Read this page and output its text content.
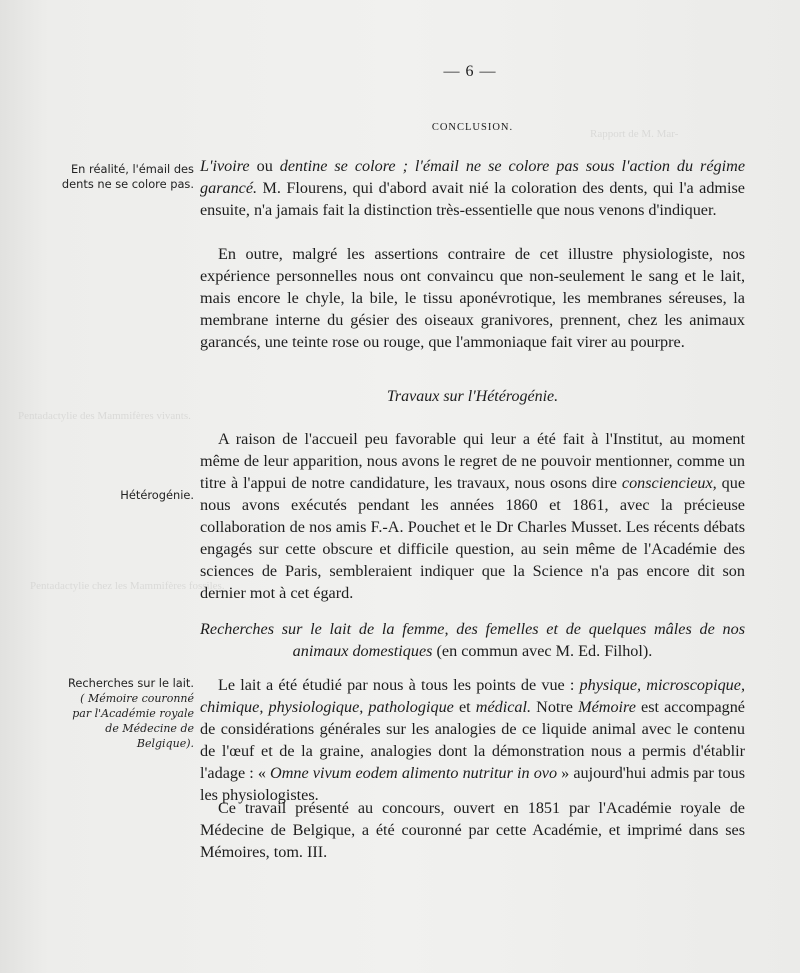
Rapport de M. Mar-
Pentadactylie des Mammifères vivants.
Pentadactylie chez les Mammifères fossiles.
— 6 —
CONCLUSION.
En réalité, l'émail des dents ne se colore pas.
Hétérogénie.
Recherches sur le lait.
( Mémoire couronné par l'Académie royale de Médecine de Belgique).

L'ivoire ou dentine se colore ; l'émail ne se colore pas sous l'action du régime garancé. M. Flourens, qui d'abord avait nié la coloration des dents, qui l'a admise ensuite, n'a jamais fait la distinction très-essentielle que nous venons d'indiquer.

En outre, malgré les assertions contraire de cet illustre physiologiste, nos expérience personnelles nous ont convaincu que non-seulement le sang et le lait, mais encore le chyle, la bile, le tissu aponévrotique, les membranes séreuses, la membrane interne du gésier des oiseaux granivores, prennent, chez les animaux garancés, une teinte rose ou rouge, que l'ammoniaque fait virer au pourpre.

Travaux sur l'Hétérogénie.

A raison de l'accueil peu favorable qui leur a été fait à l'Institut, au moment même de leur apparition, nous avons le regret de ne pouvoir mentionner, comme un titre à l'appui de notre candidature, les travaux, nous osons dire consciencieux, que nous avons exécutés pendant les années 1860 et 1861, avec la précieuse collaboration de nos amis F.-A. Pouchet et le Dr Charles Musset. Les récents débats engagés sur cette obscure et difficile question, au sein même de l'Académie des sciences de Paris, sembleraient indiquer que la Science n'a pas encore dit son dernier mot à cet égard.

Recherches sur le lait de la femme, des femelles et de quelques mâles de nos animaux domestiques (en commun avec M. Ed. Filhol).

Le lait a été étudié par nous à tous les points de vue : physique, microscopique, chimique, physiologique, pathologique et médical. Notre Mémoire est accompagné de considérations générales sur les analogies de ce liquide animal avec le contenu de l'œuf et de la graine, analogies dont la démonstration nous a permis d'établir l'adage : « Omne vivum eodem alimento nutritur in ovo » aujourd'hui admis par tous les physiologistes.

Ce travail présenté au concours, ouvert en 1851 par l'Académie royale de Médecine de Belgique, a été couronné par cette Académie, et imprimé dans ses Mémoires, tom. III.
